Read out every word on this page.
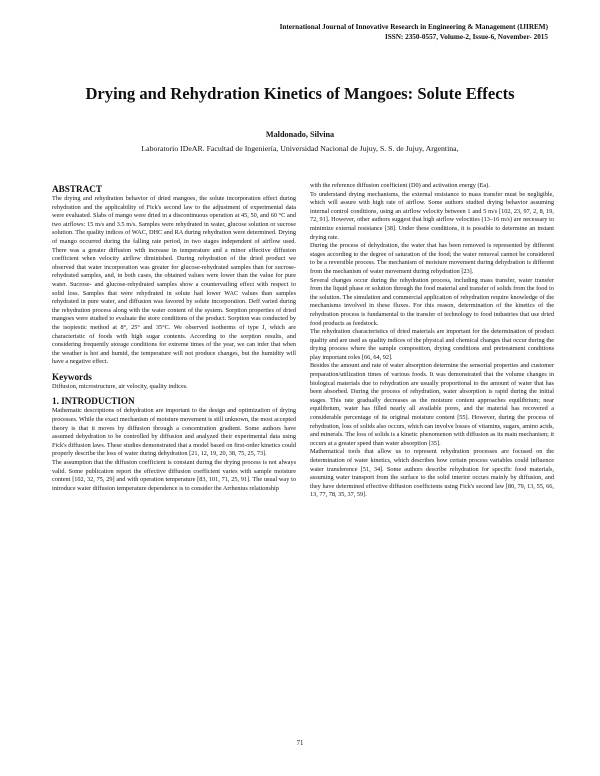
International Journal of Innovative Research in Engineering & Management (IJIREM)
ISSN: 2350-0557, Volume-2, Issue-6, November- 2015
Drying and Rehydration Kinetics of Mangoes: Solute Effects
Maldonado, Silvina
Laboratorio IDeAR. Facultad de Ingeniería, Universidad Nacional de Jujuy, S. S. de Jujuy, Argentina,
ABSTRACT

The drying and rehydration behavior of dried mangoes, the solute incorporation effect during rehydration and the applicability of Fick's second law to the adjustment of experimental data were evaluated. Slabs of mango were dried in a discontinuous operation at 45, 50, and 60 °C and two airflows: 15 m/s and 3.5 m/s. Samples were rehydrated in water, glucose solution or sucrose solution. The quality indices of WAC, DHC and RA during rehydration were determined. Drying of mango occurred during the falling rate period, in two stages independent of airflow used. There was a greater diffusion with increase in temperature and a minor effective diffusion coefficient when velocity airflow diminished. During rehydration of the dried product we observed that water incorporation was greater for glucose-rehydrated samples than for sucrose-rehydrated samples, and, in both cases, the obtained values were lower than the value for pure water. Sucrose- and glucose-rehydrated samples show a countervailing effect with respect to solid loss. Samples that were rehydrated in solute had lower WAC values than samples rehydrated in pure water, and diffusion was favored by solute incorporation. Deff varied during the rehydration process along with the water content of the system. Sorption properties of dried mangoes were studied to evaluate the store conditions of the product. Sorption was conducted by the isopiestic method at 8°, 25° and 35°C. We observed isotherms of type J, which are characteristic of foods with high sugar contents. According to the sorption results, and considering frequently storage conditions for extreme times of the year, we can infer that when the weather is hot and humid, the temperature will not produce changes, but the humidity will have a negative effect.

Keywords

Diffusion, microstructure, air velocity, quality indices.

1. INTRODUCTION

Mathematic descriptions of dehydration are important to the design and optimization of drying processes. While the exact mechanism of moisture movement is still unknown, the most accepted theory is that it moves by diffusion through a concentration gradient. Some authors have assumed dehydration to be controlled by diffusion and analyzed their experimental data using Fick's diffusion laws. These studies demonstrated that a model based on first-order kinetics could properly describe the loss of water during dehydration [21, 12, 19, 20, 38, 75, 25, 73].

The assumption that the diffusion coefficient is constant during the drying process is not always valid. Some publication report the effective diffusion coefficient varies with sample moisture content [102, 32, 75, 29] and with operation temperature [83, 101, 71, 25, 91]. The usual way to introduce water diffusion temperature dependence is to consider the Arrhenius relationship

with the reference diffusion coefficient (D0) and activation energy (Ea).

To understand drying mechanisms, the external resistance to mass transfer must be negligible, which will assure with high rate of airflow. Some authors studied drying behavior assuming internal control conditions, using an airflow velocity between 1 and 5 m/s [102, 23, 97, 2, 8, 19, 72, 91]. However, other authors suggest that high airflow velocities (13–16 m/s) are necessary to minimize external resistance [38]. Under these conditions, it is possible to determine an instant drying rate.

During the process of dehydration, the water that has been removed is represented by different stages according to the degree of saturation of the food; the water removal cannot be considered to be a reversible process. The mechanism of moisture movement during dehydration is different from the mechanism of water movement during rehydration [23].

Several changes occur during the rehydration process, including mass transfer, water transfer from the liquid phase or solution through the food material and transfer of solids from the food to the solution. The simulation and commercial application of rehydration require knowledge of the mechanisms involved in these fluxes. For this reason, determination of the kinetics of the rehydration process is fundamental to the transfer of technology to food industries that use dried food products as feedstock.

The rehydration characteristics of dried materials are important for the determination of product quality and are used as quality indices of the physical and chemical changes that occur during the drying process where the sample composition, drying conditions and pretreatment conditions play important roles [66, 64, 92].

Besides the amount and rate of water absorption determine the sensorial properties and customer preparation/utilization times of various foods. It was demonstrated that the volume changes in biological materials due to rehydration are usually proportional to the amount of water that has been absorbed. During the process of rehydration, water absorption is rapid during the initial stages. This rate gradually decreases as the moisture content approaches equilibrium; near equilibrium, water has filled nearly all available pores, and the material has recovered a considerable percentage of its original moisture content [55]. However, during the process of rehydration, loss of solids also occurs, which can involve losses of vitamins, sugars, amino acids, and minerals. The loss of solids is a kinetic phenomenon with diffusion as its main mechanism; it occurs at a greater speed than water absorption [35].

Mathematical tools that allow us to represent rehydration processes are focused on the determination of water kinetics, which describes how certain process variables could influence water transference [51, 34]. Some authors describe rehydration for specific food materials, assuming water transport from the surface to the solid interior occurs mainly by diffusion, and they have determined effective diffusion coefficients using Fick's second law [80, 79, 13, 55, 66, 13, 77, 78, 35, 37, 59].

71
